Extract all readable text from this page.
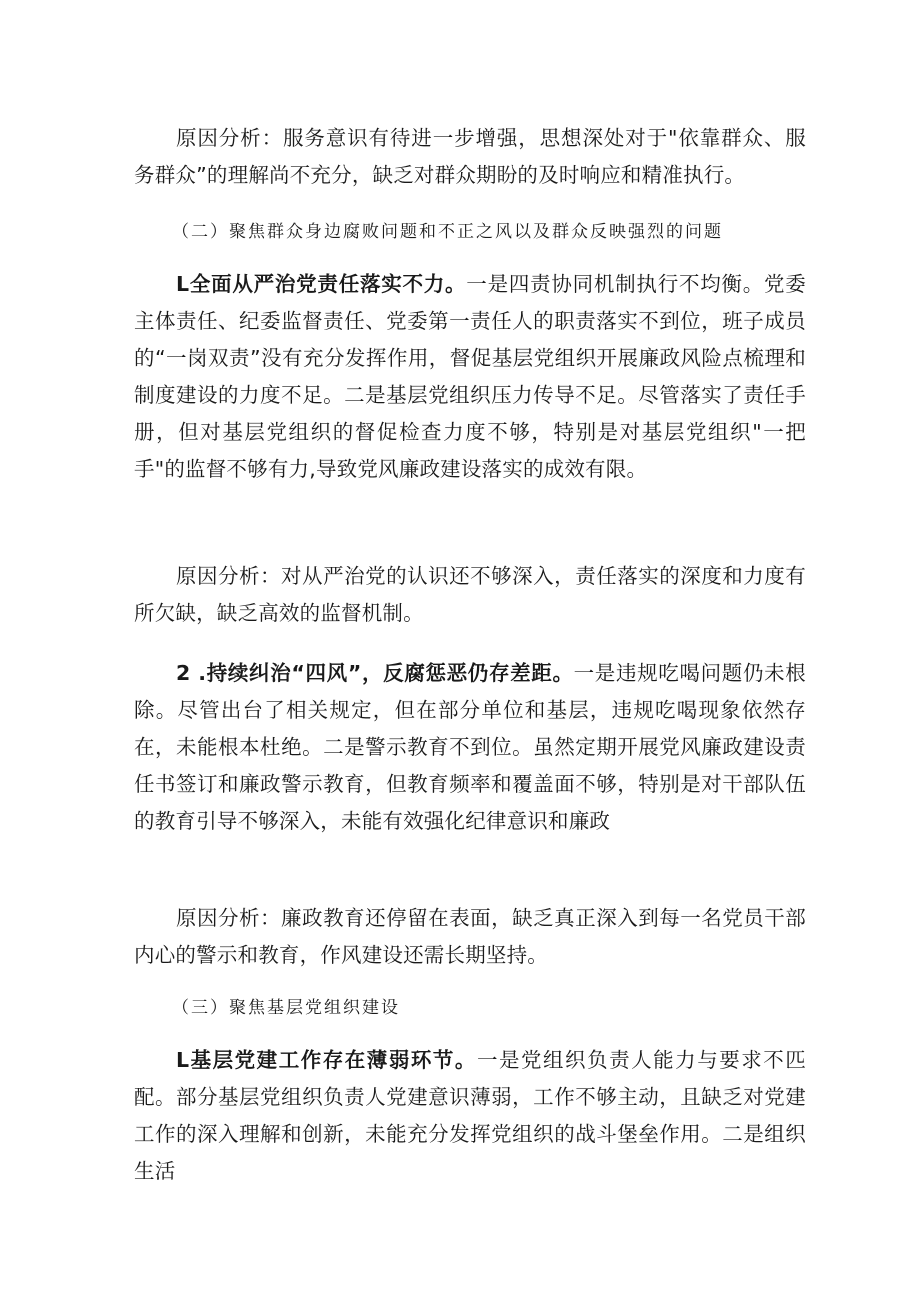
原因分析：服务意识有待进一步增强，思想深处对于"依靠群众、服务群众”的理解尚不充分，缺乏对群众期盼的及时响应和精准执行。

（二）聚焦群众身边腐败问题和不正之风以及群众反映强烈的问题

L全面从严治党责任落实不力。一是四责协同机制执行不均衡。党委主体责任、纪委监督责任、党委第一责任人的职责落实不到位，班子成员的“一岗双责”没有充分发挥作用，督促基层党组织开展廉政风险点梳理和制度建设的力度不足。二是基层党组织压力传导不足。尽管落实了责任手册，但对基层党组织的督促检查力度不够，特别是对基层党组织"一把手"的监督不够有力,导致党风廉政建设落实的成效有限。

原因分析：对从严治党的认识还不够深入，责任落实的深度和力度有所欠缺，缺乏高效的监督机制。

2 .持续纠治“四风”，反腐惩恶仍存差距。一是违规吃喝问题仍未根除。尽管出台了相关规定，但在部分单位和基层，违规吃喝现象依然存在，未能根本杜绝。二是警示教育不到位。虽然定期开展党风廉政建设责任书签订和廉政警示教育，但教育频率和覆盖面不够，特别是对干部队伍的教育引导不够深入，未能有效强化纪律意识和廉政

原因分析：廉政教育还停留在表面，缺乏真正深入到每一名党员干部内心的警示和教育，作风建设还需长期坚持。

（三）聚焦基层党组织建设

L基层党建工作存在薄弱环节。一是党组织负责人能力与要求不匹配。部分基层党组织负责人党建意识薄弱，工作不够主动，且缺乏对党建工作的深入理解和创新，未能充分发挥党组织的战斗堡垒作用。二是组织生活
